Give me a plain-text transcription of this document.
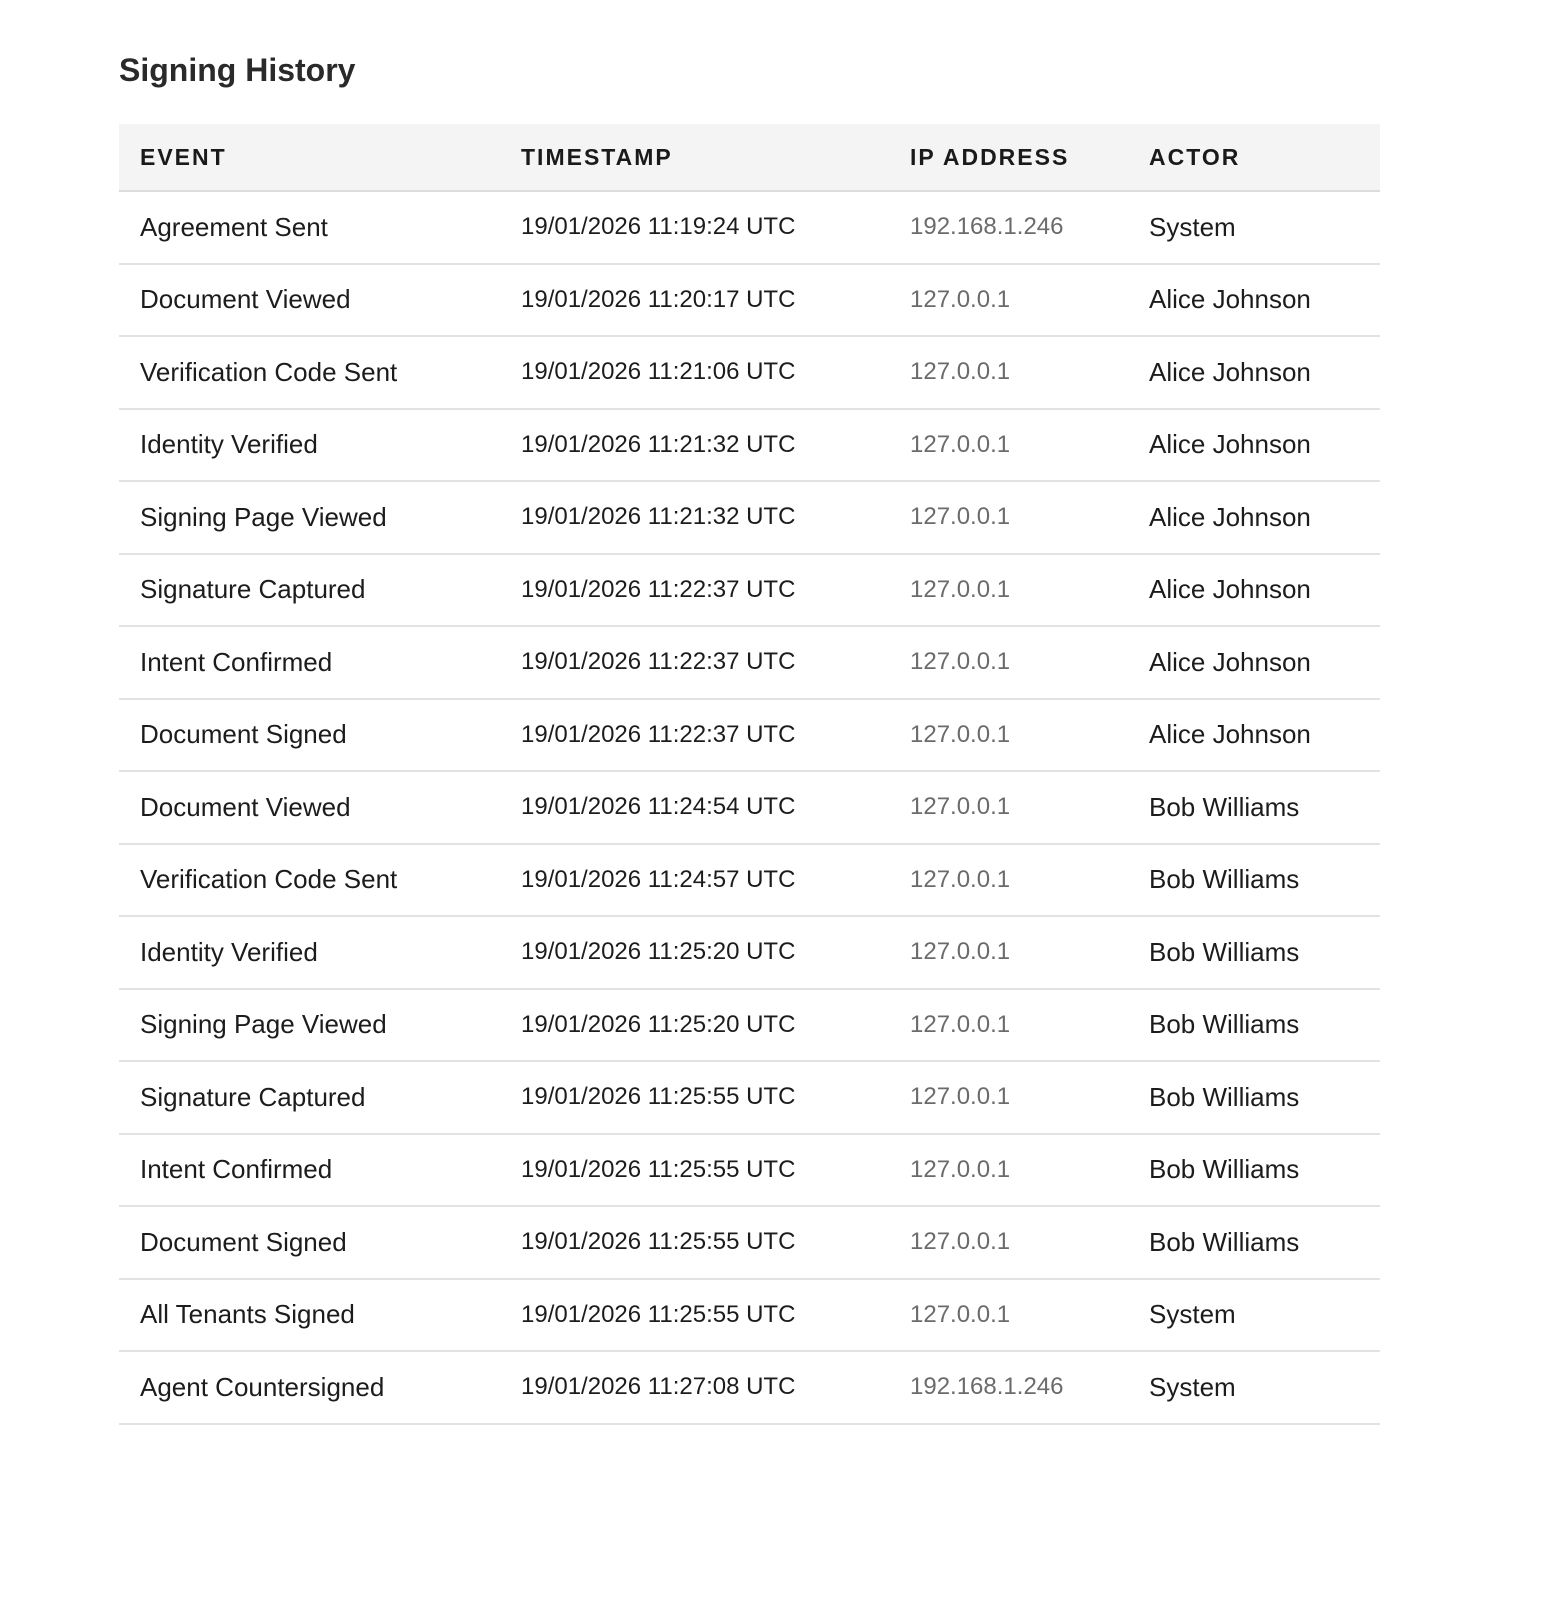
Signing History
EVENT	TIMESTAMP	IP ADDRESS	ACTOR
Agreement Sent	19/01/2026 11:19:24 UTC	192.168.1.246	System
Document Viewed	19/01/2026 11:20:17 UTC	127.0.0.1	Alice Johnson
Verification Code Sent	19/01/2026 11:21:06 UTC	127.0.0.1	Alice Johnson
Identity Verified	19/01/2026 11:21:32 UTC	127.0.0.1	Alice Johnson
Signing Page Viewed	19/01/2026 11:21:32 UTC	127.0.0.1	Alice Johnson
Signature Captured	19/01/2026 11:22:37 UTC	127.0.0.1	Alice Johnson
Intent Confirmed	19/01/2026 11:22:37 UTC	127.0.0.1	Alice Johnson
Document Signed	19/01/2026 11:22:37 UTC	127.0.0.1	Alice Johnson
Document Viewed	19/01/2026 11:24:54 UTC	127.0.0.1	Bob Williams
Verification Code Sent	19/01/2026 11:24:57 UTC	127.0.0.1	Bob Williams
Identity Verified	19/01/2026 11:25:20 UTC	127.0.0.1	Bob Williams
Signing Page Viewed	19/01/2026 11:25:20 UTC	127.0.0.1	Bob Williams
Signature Captured	19/01/2026 11:25:55 UTC	127.0.0.1	Bob Williams
Intent Confirmed	19/01/2026 11:25:55 UTC	127.0.0.1	Bob Williams
Document Signed	19/01/2026 11:25:55 UTC	127.0.0.1	Bob Williams
All Tenants Signed	19/01/2026 11:25:55 UTC	127.0.0.1	System
Agent Countersigned	19/01/2026 11:27:08 UTC	192.168.1.246	System
